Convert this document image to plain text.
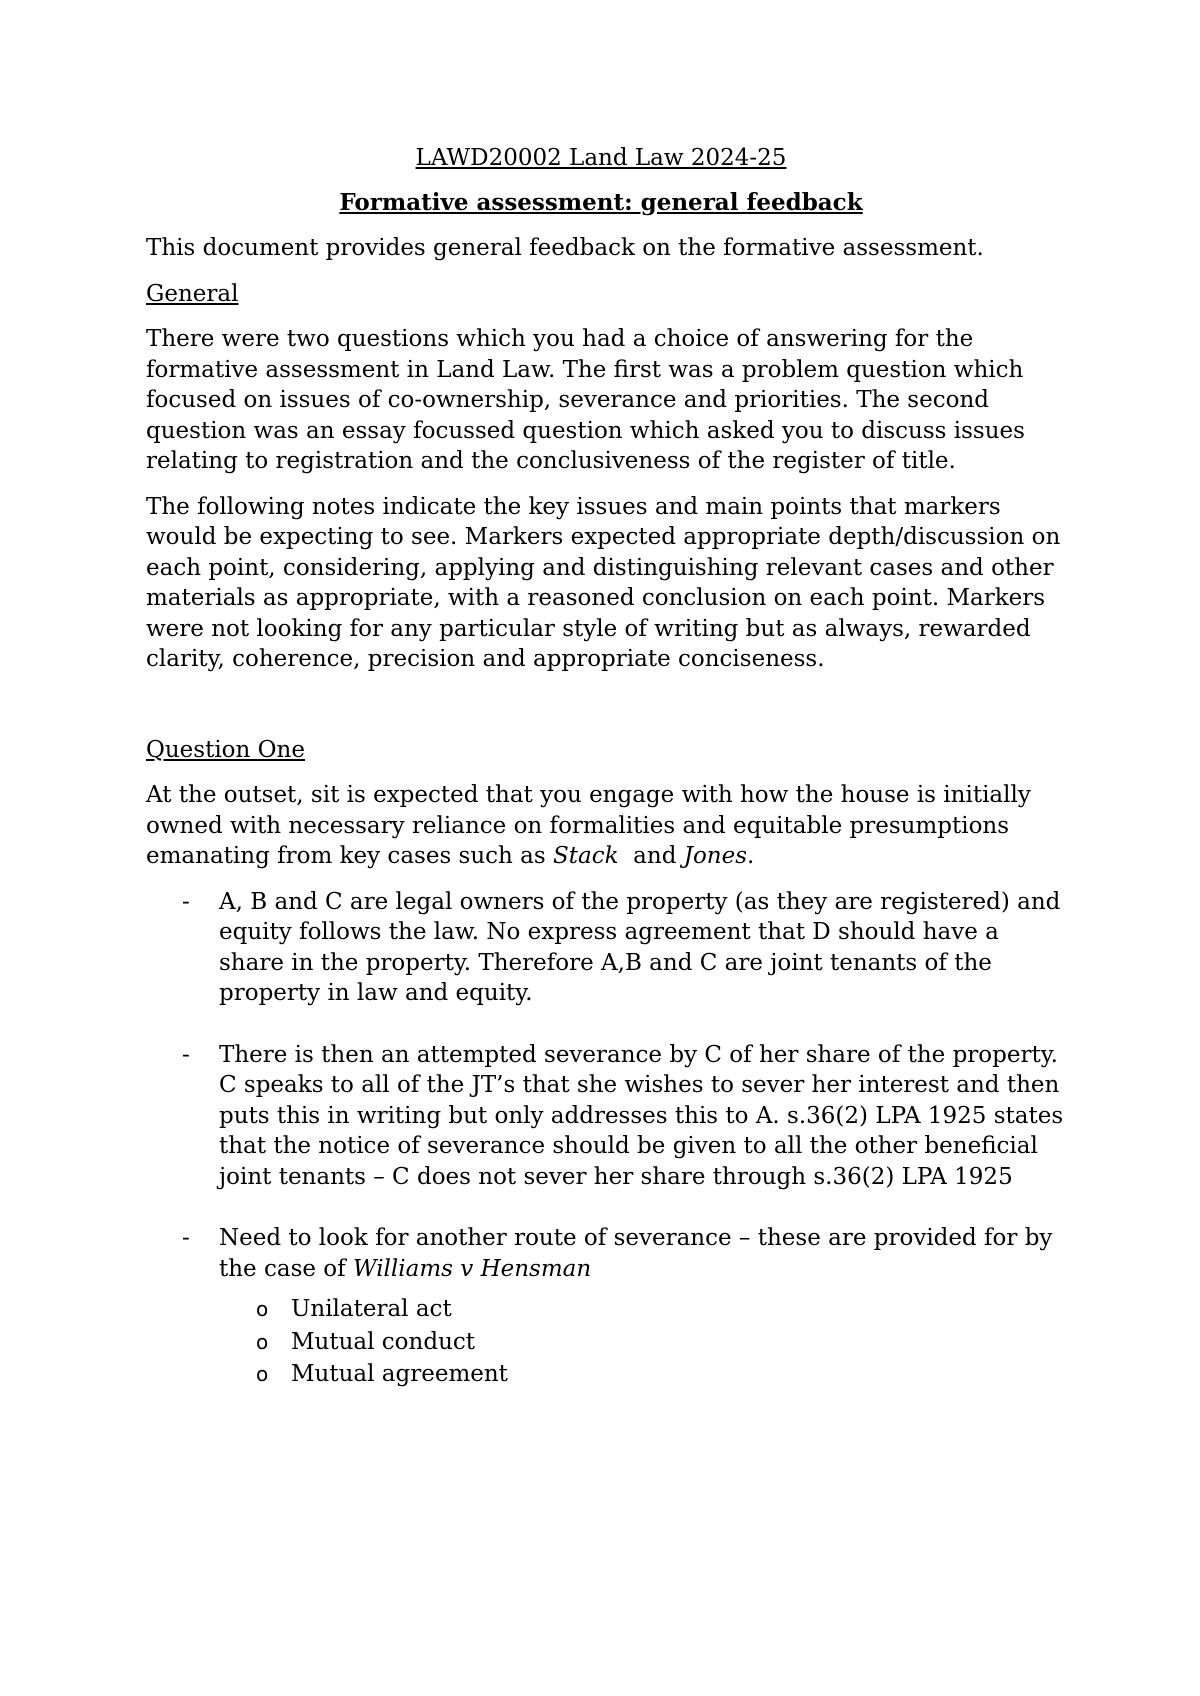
LAWD20002 Land Law 2024-25
Formative assessment: general feedback

This document provides general feedback on the formative assessment.

General

There were two questions which you had a choice of answering for the formative assessment in Land Law. The first was a problem question which focused on issues of co-ownership, severance and priorities. The second question was an essay focussed question which asked you to discuss issues relating to registration and the conclusiveness of the register of title.

The following notes indicate the key issues and main points that markers would be expecting to see. Markers expected appropriate depth/discussion on each point, considering, applying and distinguishing relevant cases and other materials as appropriate, with a reasoned conclusion on each point. Markers were not looking for any particular style of writing but as always, rewarded clarity, coherence, precision and appropriate conciseness.

Question One

At the outset, sit is expected that you engage with how the house is initially owned with necessary reliance on formalities and equitable presumptions emanating from key cases such as Stack  and Jones.

- A, B and C are legal owners of the property (as they are registered) and equity follows the law. No express agreement that D should have a share in the property. Therefore A,B and C are joint tenants of the property in law and equity.
- There is then an attempted severance by C of her share of the property. C speaks to all of the JT’s that she wishes to sever her interest and then puts this in writing but only addresses this to A. s.36(2) LPA 1925 states that the notice of severance should be given to all the other beneficial joint tenants – C does not sever her share through s.36(2) LPA 1925
- Need to look for another route of severance – these are provided for by the case of Williams v Hensman
o Unilateral act
o Mutual conduct
o Mutual agreement
